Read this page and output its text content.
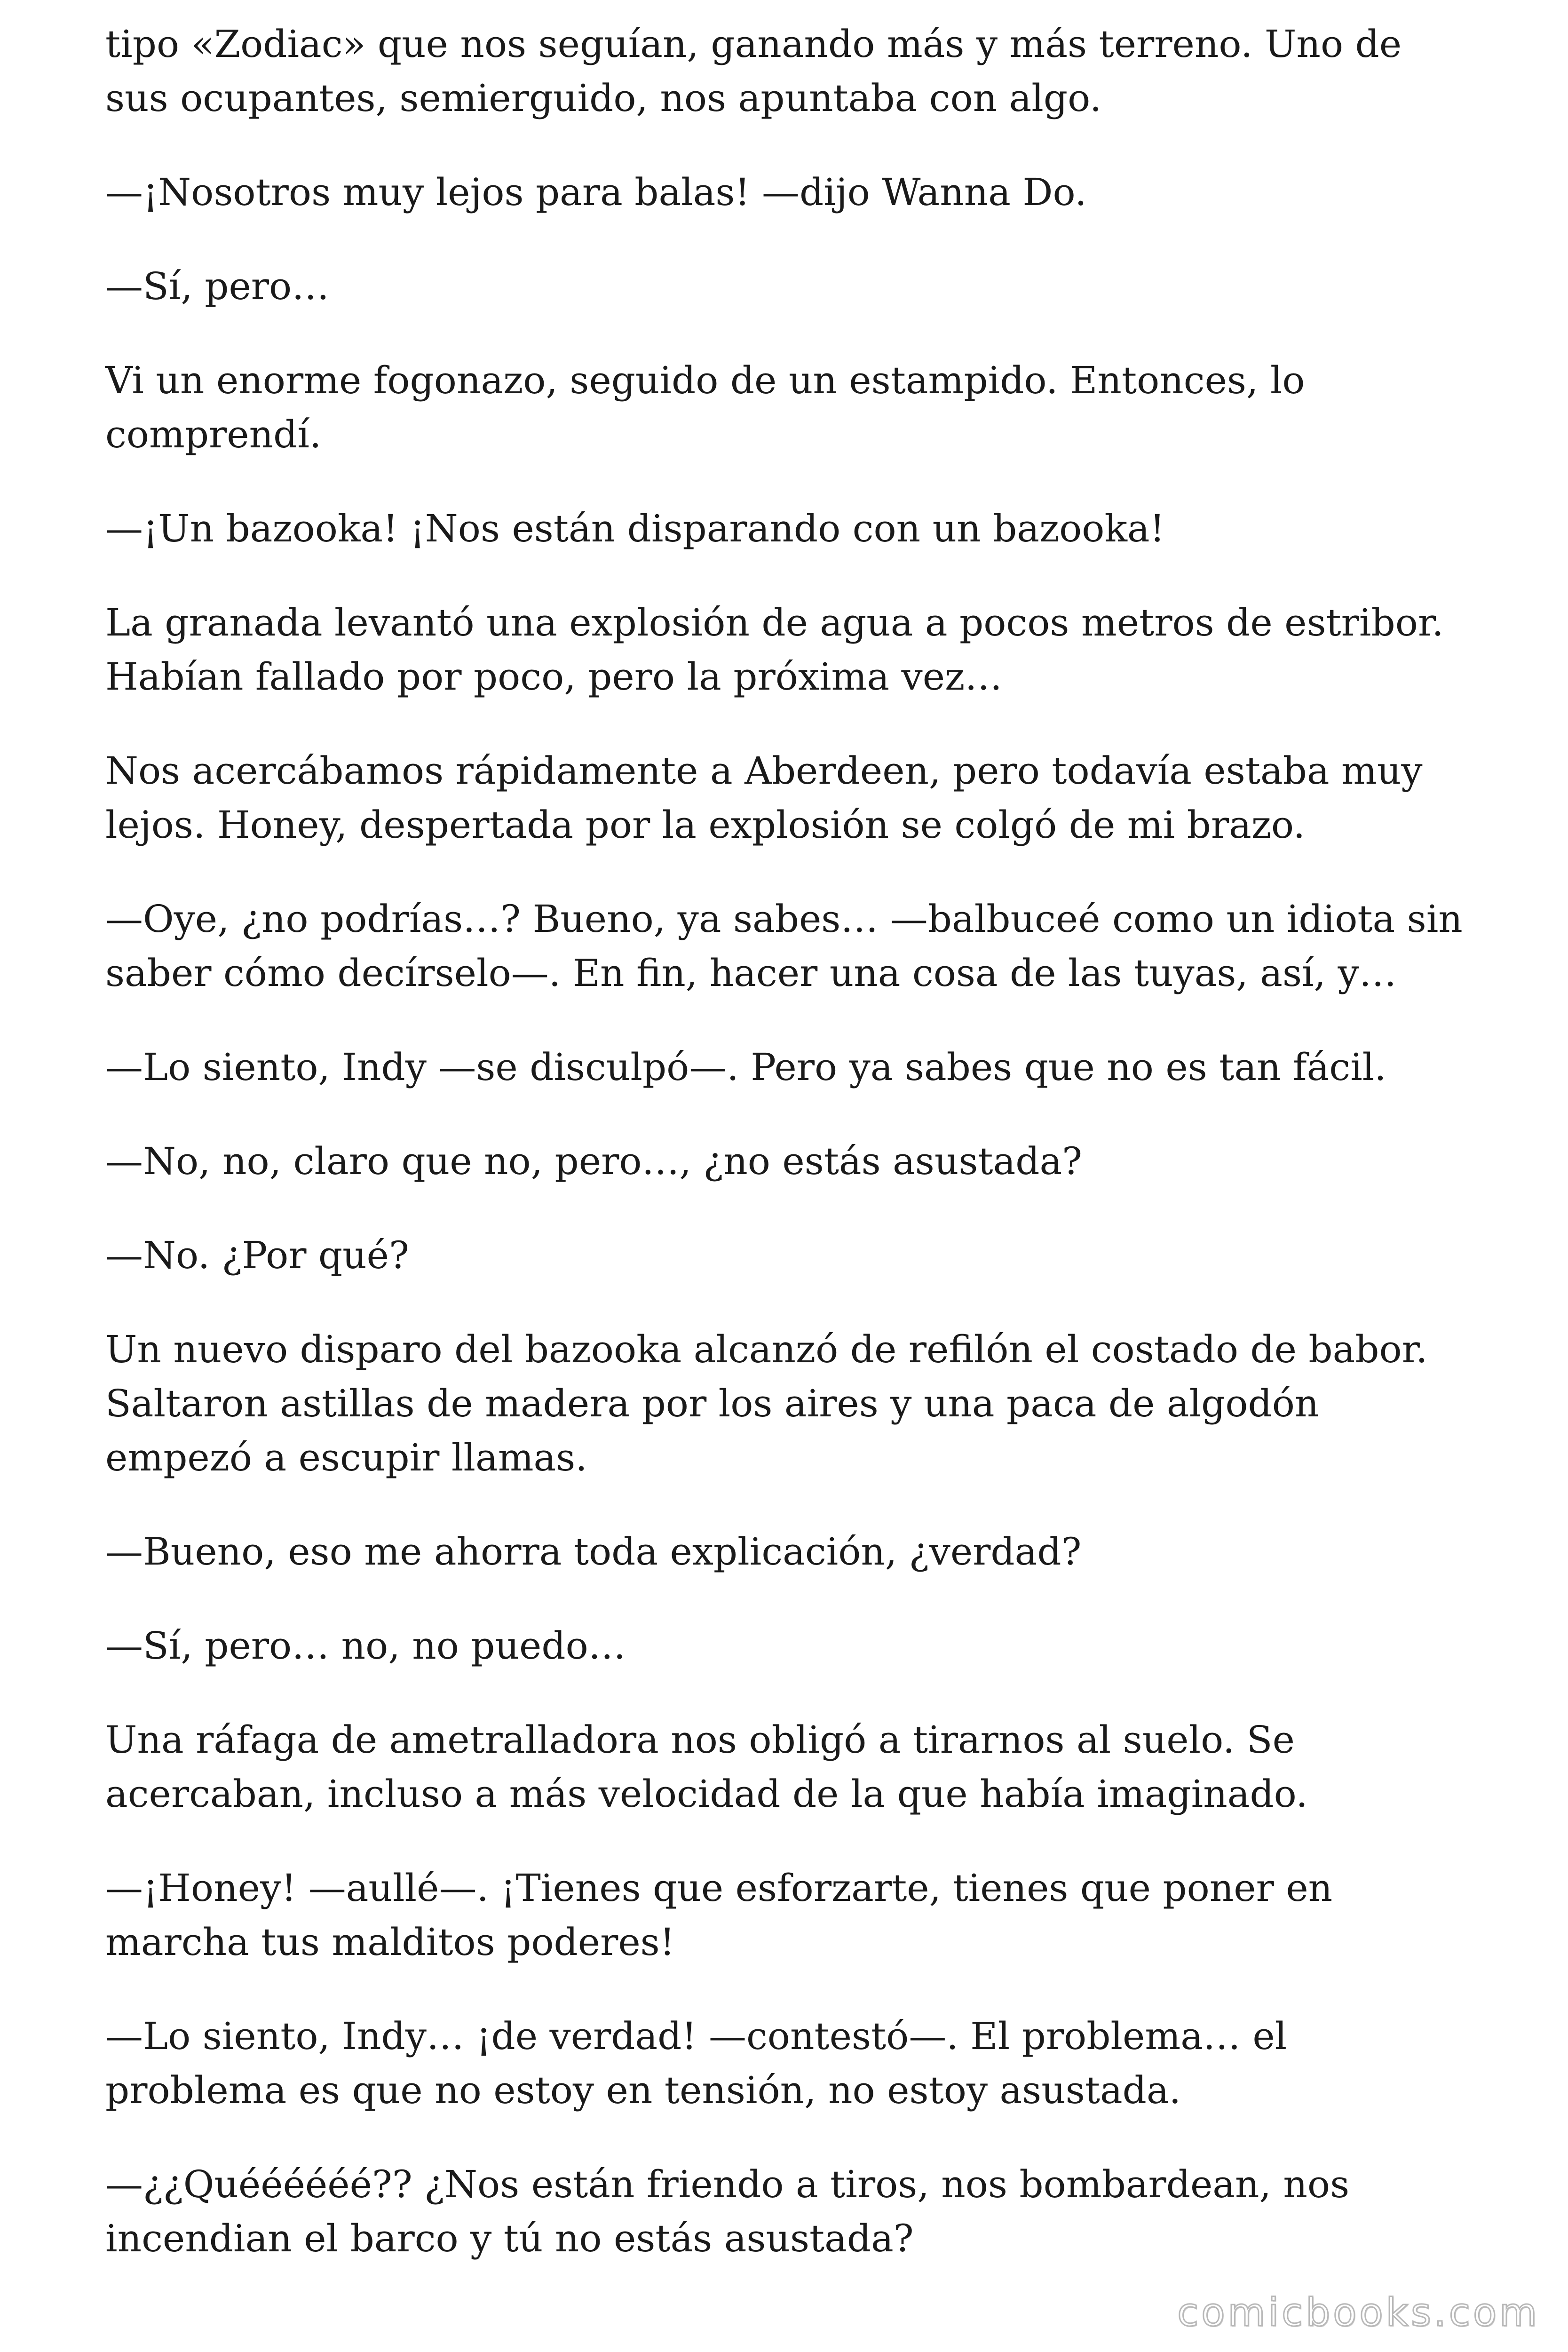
tipo «Zodiac» que nos seguían, ganando más y más terreno. Uno de sus ocupantes, semierguido, nos apuntaba con algo.

—¡Nosotros muy lejos para balas! —dijo Wanna Do.

—Sí, pero…

Vi un enorme fogonazo, seguido de un estampido. Entonces, lo comprendí.

—¡Un bazooka! ¡Nos están disparando con un bazooka!

La granada levantó una explosión de agua a pocos metros de estribor. Habían fallado por poco, pero la próxima vez…

Nos acercábamos rápidamente a Aberdeen, pero todavía estaba muy lejos. Honey, despertada por la explosión se colgó de mi brazo.

—Oye, ¿no podrías…? Bueno, ya sabes… —balbuceé como un idiota sin saber cómo decírselo—. En fin, hacer una cosa de las tuyas, así, y…

—Lo siento, Indy —se disculpó—. Pero ya sabes que no es tan fácil.

—No, no, claro que no, pero…, ¿no estás asustada?

—No. ¿Por qué?

Un nuevo disparo del bazooka alcanzó de refilón el costado de babor. Saltaron astillas de madera por los aires y una paca de algodón empezó a escupir llamas.

—Bueno, eso me ahorra toda explicación, ¿verdad?

—Sí, pero… no, no puedo…

Una ráfaga de ametralladora nos obligó a tirarnos al suelo. Se acercaban, incluso a más velocidad de la que había imaginado.

—¡Honey! —aullé—. ¡Tienes que esforzarte, tienes que poner en marcha tus malditos poderes!

—Lo siento, Indy… ¡de verdad! —contestó—. El problema… el problema es que no estoy en tensión, no estoy asustada.

—¿¿Quéééééé?? ¿Nos están friendo a tiros, nos bombardean, nos incendian el barco y tú no estás asustada?

comicbooks.com
